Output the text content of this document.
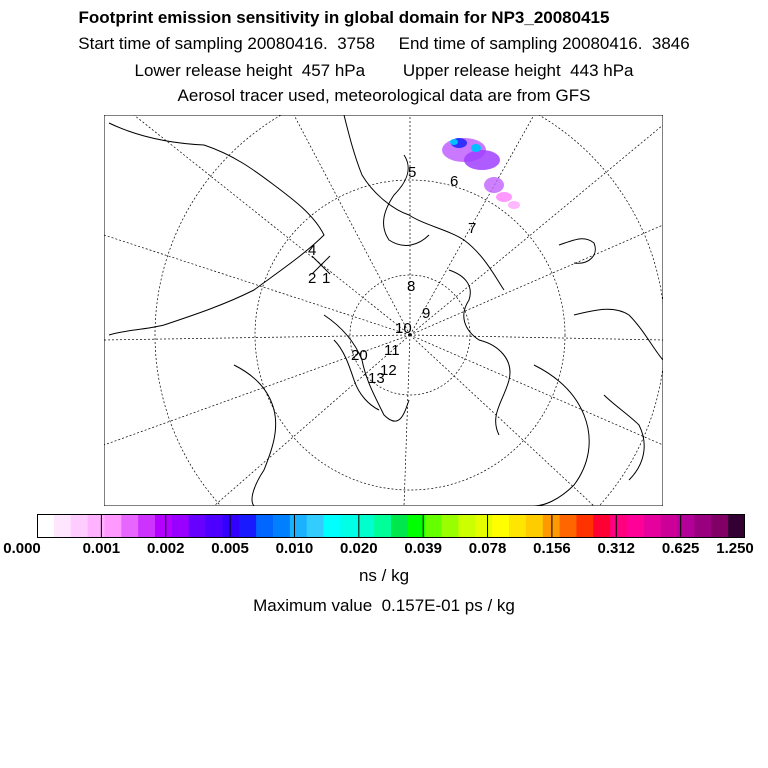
Footprint emission sensitivity in global domain for NP3_20080415
Start time of sampling 20080416.  3758     End time of sampling 20080416.  3846
Lower release height  457 hPa        Upper release height  443 hPa
Aerosol tracer used, meteorological data are from GFS
1
2	8
5
6
7
9
10
11
12
20
13
4
0.000	0.001 0.002 0.005 0.010 0.020 0.039 0.078 0.156 0.312 0.625 1.250
ns / kg
Maximum value  0.157E-01 ps / kg
